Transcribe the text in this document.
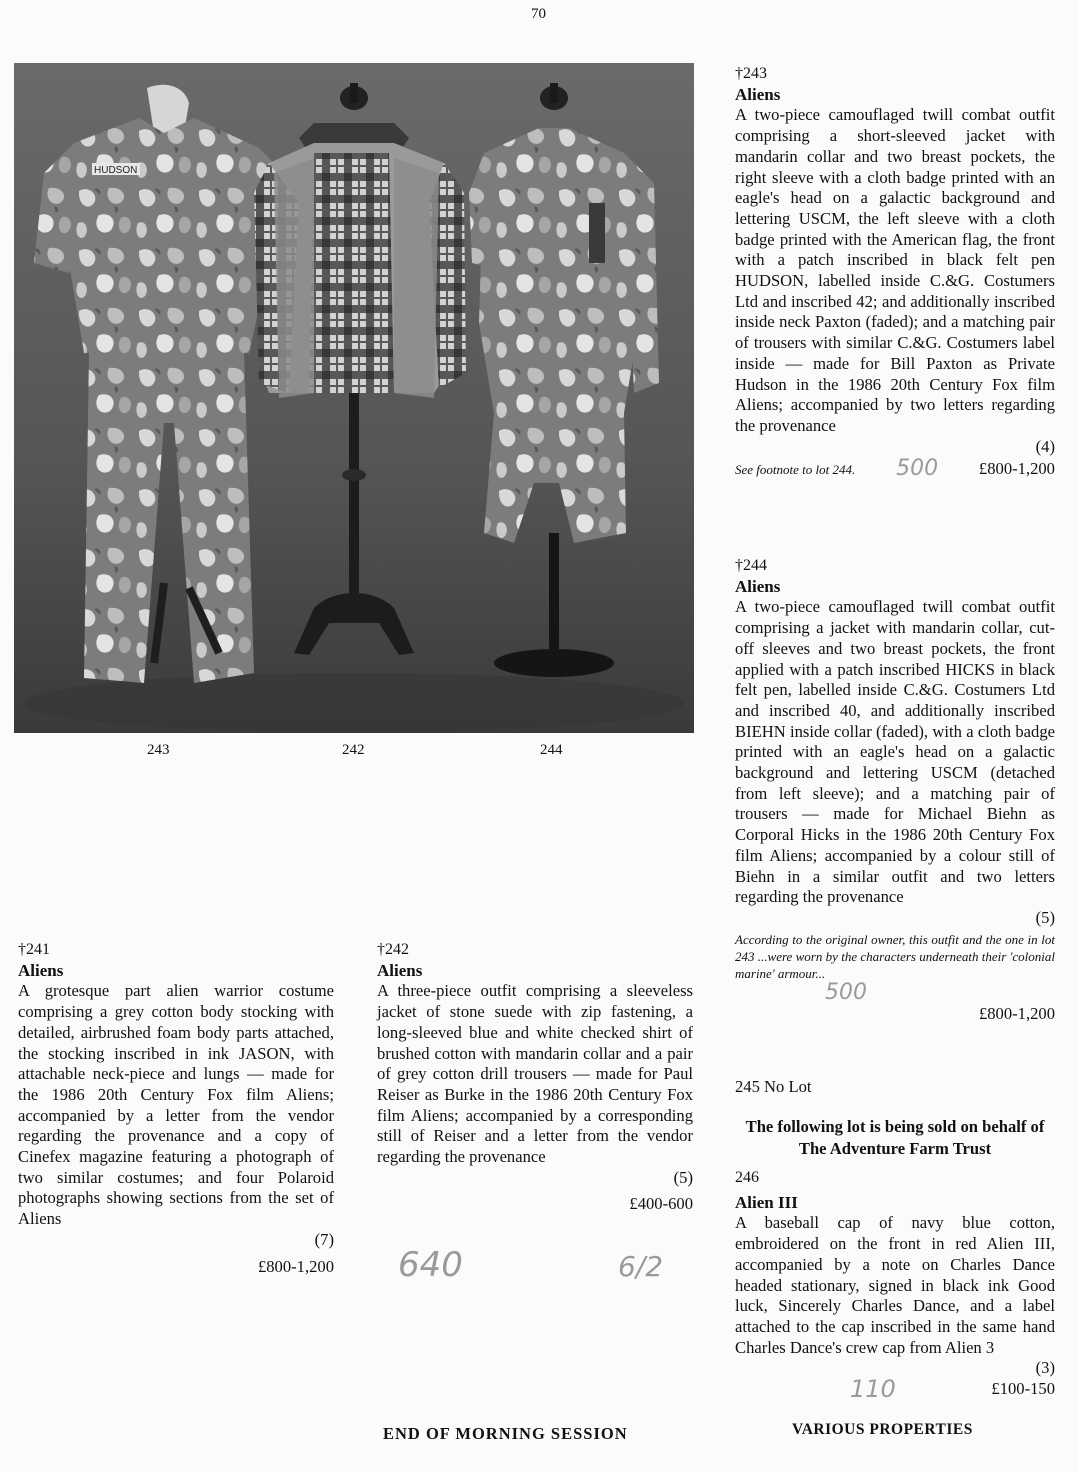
70
HUDSON
243	242	244
†243
Aliens
A two-piece camouflaged twill combat outfit comprising a short-sleeved jacket with mandarin collar and two breast pockets, the right sleeve with a cloth badge printed with an eagle's head on a galactic background and lettering USCM, the left sleeve with a cloth badge printed with the American flag, the front with a patch inscribed in black felt pen HUDSON, labelled inside C.&G. Costumers Ltd and inscribed 42; and additionally inscribed inside neck Paxton (faded); and a matching pair of trousers with similar C.&G. Costumers label inside — made for Bill Paxton as Private Hudson in the 1986 20th Century Fox film Aliens; accompanied by two letters regarding the provenance
(4)
See footnote to lot 244. 500 £800-1,200
†244
Aliens
A two-piece camouflaged twill combat outfit comprising a jacket with mandarin collar, cut-off sleeves and two breast pockets, the front applied with a patch inscribed HICKS in black felt pen, labelled inside C.&G. Costumers Ltd and inscribed 40, and additionally inscribed BIEHN inside collar (faded), with a cloth badge printed with an eagle's head on a galactic background and lettering USCM (detached from left sleeve); and a matching pair of trousers — made for Michael Biehn as Corporal Hicks in the 1986 20th Century Fox film Aliens; accompanied by a colour still of Biehn in a similar outfit and two letters regarding the provenance
(5)
According to the original owner, this outfit and the one in lot 243 ...were worn by the characters underneath their 'colonial marine' armour...
500
£800-1,200
245 No Lot
The following lot is being sold on behalf of The Adventure Farm Trust
246
Alien III
A baseball cap of navy blue cotton, embroidered on the front in red Alien III, accompanied by a note on Charles Dance headed stationary, signed in black ink Good luck, Sincerely Charles Dance, and a label attached to the cap inscribed in the same hand Charles Dance's crew cap from Alien 3
(3)
110	£100-150
†241
Aliens
A grotesque part alien warrior costume comprising a grey cotton body stocking with detailed, airbrushed foam body parts attached, the stocking inscribed in ink JASON, with attachable neck-piece and lungs — made for the 1986 20th Century Fox film Aliens; accompanied by a letter from the vendor regarding the provenance and a copy of Cinefex magazine featuring a photograph of two similar costumes; and four Polaroid photographs showing sections from the set of Aliens
(7)
£800-1,200
†242
Aliens
A three-piece outfit comprising a sleeveless jacket of stone suede with zip fastening, a long-sleeved blue and white checked shirt of brushed cotton with mandarin collar and a pair of grey cotton drill trousers — made for Paul Reiser as Burke in the 1986 20th Century Fox film Aliens; accompanied by a corresponding still of Reiser and a letter from the vendor regarding the provenance
(5)
£400-600
640	6/2
END OF MORNING SESSION	VARIOUS PROPERTIES
